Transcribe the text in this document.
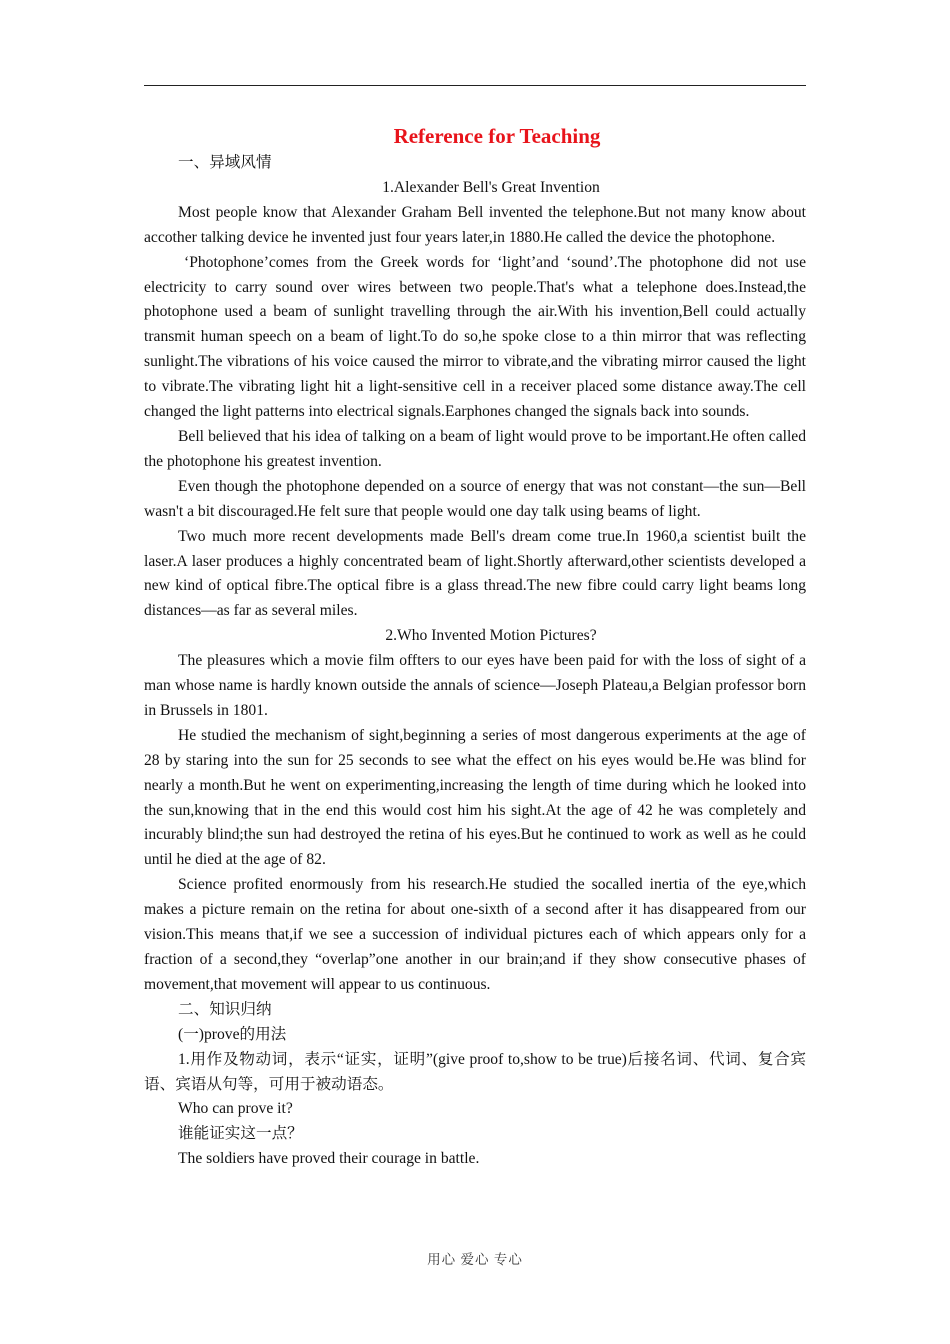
Reference for Teaching

一、异域风情

1.Alexander Bell's Great Invention

Most people know that Alexander Graham Bell invented the telephone.But not many know about accother talking device he invented just four years later,in 1880.He called the device the photophone.

‘Photophone’comes from the Greek words for ‘light’and ‘sound’.The photophone did not use electricity to carry sound over wires between two people.That's what a telephone does.Instead,the photophone used a beam of sunlight travelling through the air.With his invention,Bell could actually transmit human speech on a beam of light.To do so,he spoke close to a thin mirror that was reflecting sunlight.The vibrations of his voice caused the mirror to vibrate,and the vibrating mirror caused the light to vibrate.The vibrating light hit a light-sensitive cell in a receiver placed some distance away.The cell changed the light patterns into electrical signals.Earphones changed the signals back into sounds.

Bell believed that his idea of talking on a beam of light would prove to be important.He often called the photophone his greatest invention.

Even though the photophone depended on a source of energy that was not constant—the sun—Bell wasn't a bit discouraged.He felt sure that people would one day talk using beams of light.

Two much more recent developments made Bell's dream come true.In 1960,a scientist built the laser.A laser produces a highly concentrated beam of light.Shortly afterward,other scientists developed a new kind of optical fibre.The optical fibre is a glass thread.The new fibre could carry light beams long distances—as far as several miles.

2.Who Invented Motion Pictures?

The pleasures which a movie film offters to our eyes have been paid for with the loss of sight of a man whose name is hardly known outside the annals of science—Joseph Plateau,a Belgian professor born in Brussels in 1801.

He studied the mechanism of sight,beginning a series of most dangerous experiments at the age of 28 by staring into the sun for 25 seconds to see what the effect on his eyes would be.He was blind for nearly a month.But he went on experimenting,increasing the length of time during which he looked into the sun,knowing that in the end this would cost him his sight.At the age of 42 he was completely and incurably blind;the sun had destroyed the retina of his eyes.But he continued to work as well as he could until he died at the age of 82.

Science profited enormously from his research.He studied the socalled inertia of the eye,which makes a picture remain on the retina for about one-sixth of a second after it has disappeared from our vision.This means that,if we see a succession of individual pictures each of which appears only for a fraction of a second,they “overlap”one another in our brain;and if they show consecutive phases of movement,that movement will appear to us continuous.

二、知识归纳

(一)prove的用法

1.用作及物动词，表示“证实，证明”(give proof to,show to be true)后接名词、代词、复合宾语、宾语从句等，可用于被动语态。

Who can prove it?

谁能证实这一点？

The soldiers have proved their courage in battle.

用心 爱心 专心
